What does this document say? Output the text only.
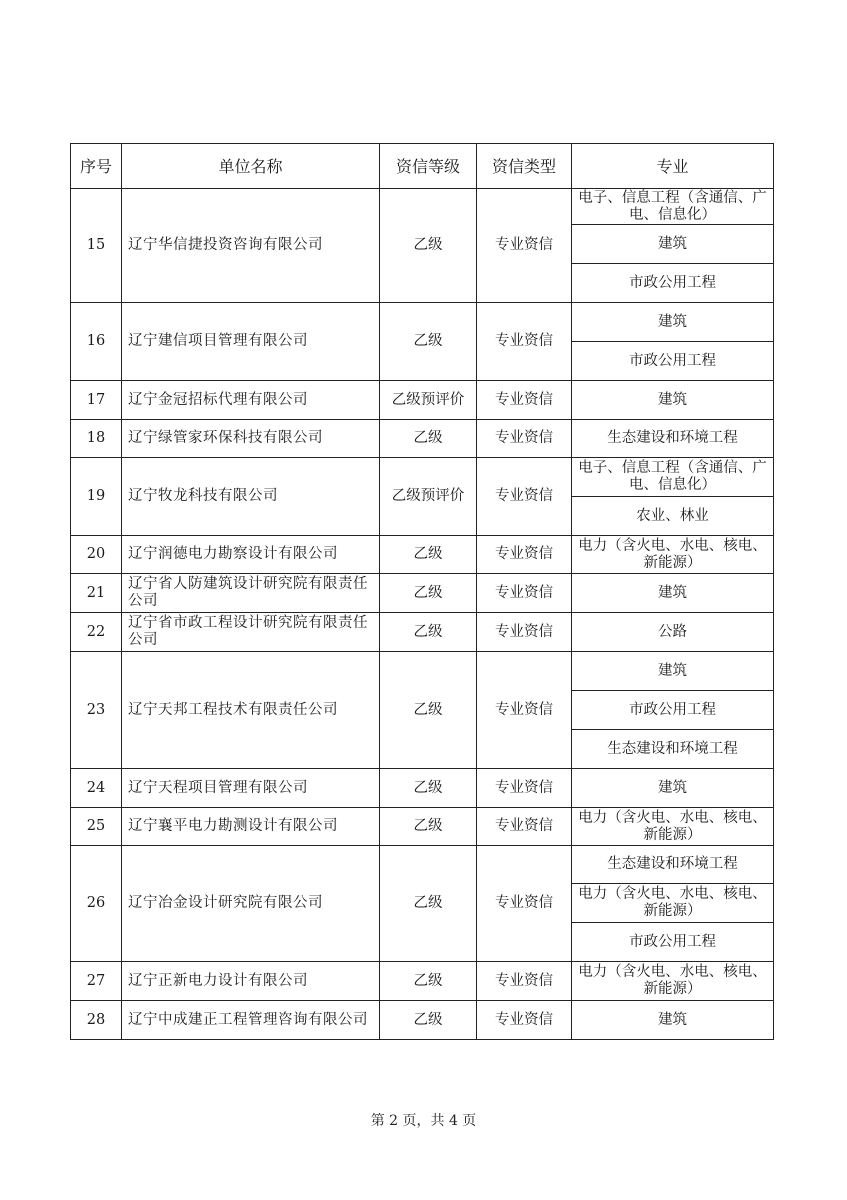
序号	单位名称	资信等级	资信类型	专业
15	辽宁华信捷投资咨询有限公司	乙级	专业资信	电子、信息工程（含通信、广电、信息化）
				建筑
				市政公用工程
16	辽宁建信项目管理有限公司	乙级	专业资信	建筑
				市政公用工程
17	辽宁金冠招标代理有限公司	乙级预评价	专业资信	建筑
18	辽宁绿管家环保科技有限公司	乙级	专业资信	生态建设和环境工程
19	辽宁牧龙科技有限公司	乙级预评价	专业资信	电子、信息工程（含通信、广电、信息化）
				农业、林业
20	辽宁润德电力勘察设计有限公司	乙级	专业资信	电力（含火电、水电、核电、新能源）
21	辽宁省人防建筑设计研究院有限责任公司	乙级	专业资信	建筑
22	辽宁省市政工程设计研究院有限责任公司	乙级	专业资信	公路
23	辽宁天邦工程技术有限责任公司	乙级	专业资信	建筑
				市政公用工程
				生态建设和环境工程
24	辽宁天程项目管理有限公司	乙级	专业资信	建筑
25	辽宁襄平电力勘测设计有限公司	乙级	专业资信	电力（含火电、水电、核电、新能源）
26	辽宁冶金设计研究院有限公司	乙级	专业资信	生态建设和环境工程
				电力（含火电、水电、核电、新能源）
				市政公用工程
27	辽宁正新电力设计有限公司	乙级	专业资信	电力（含火电、水电、核电、新能源）
28	辽宁中成建正工程管理咨询有限公司	乙级	专业资信	建筑
第 2 页，共 4 页
